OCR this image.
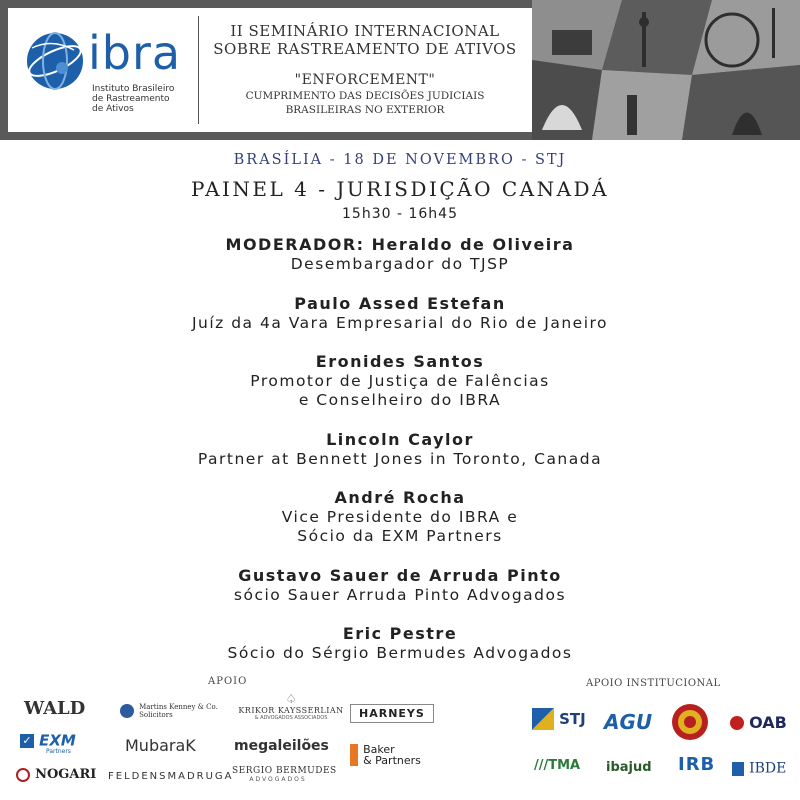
ibra
Instituto Brasileiro
de Rastreamento
de Ativos
II SEMINÁRIO INTERNACIONAL
SOBRE RASTREAMENTO DE ATIVOS
"ENFORCEMENT"
CUMPRIMENTO DAS DECISÕES JUDICIAIS
BRASILEIRAS NO EXTERIOR
BRASÍLIA - 18 DE NOVEMBRO - STJ
PAINEL 4 - JURISDIÇÃO CANADÁ
15h30 - 16h45
MODERADOR: Heraldo de Oliveira
Desembargador do TJSP
Paulo Assed Estefan
Juíz da 4a Vara Empresarial do Rio de Janeiro
Eronides Santos
Promotor de Justiça de Falências
e Conselheiro do IBRA
Lincoln Caylor
Partner at Bennett Jones in Toronto, Canada
André Rocha
Vice Presidente do IBRA e
Sócio da EXM Partners
Gustavo Sauer de Arruda Pinto
sócio Sauer Arruda Pinto Advogados
Eric Pestre
Sócio do Sérgio Bermudes Advogados
APOIO
WALD	Martins Kenney & Co. Solicitors
♤
KRIKOR KAYSSERLIAN
& ADVOGADOS ASSOCIADOS	HARNEYS
✓ EXM
Partners	MubaraK	megaleilões
	Baker
& Partners
NOGARI FELDENSMADRUGA
SERGIO BERMUDES
ADVOGADOS
APOIO INSTITUCIONAL
STJ AGU	OAB
///TMA ibajud IRB	IBDE
